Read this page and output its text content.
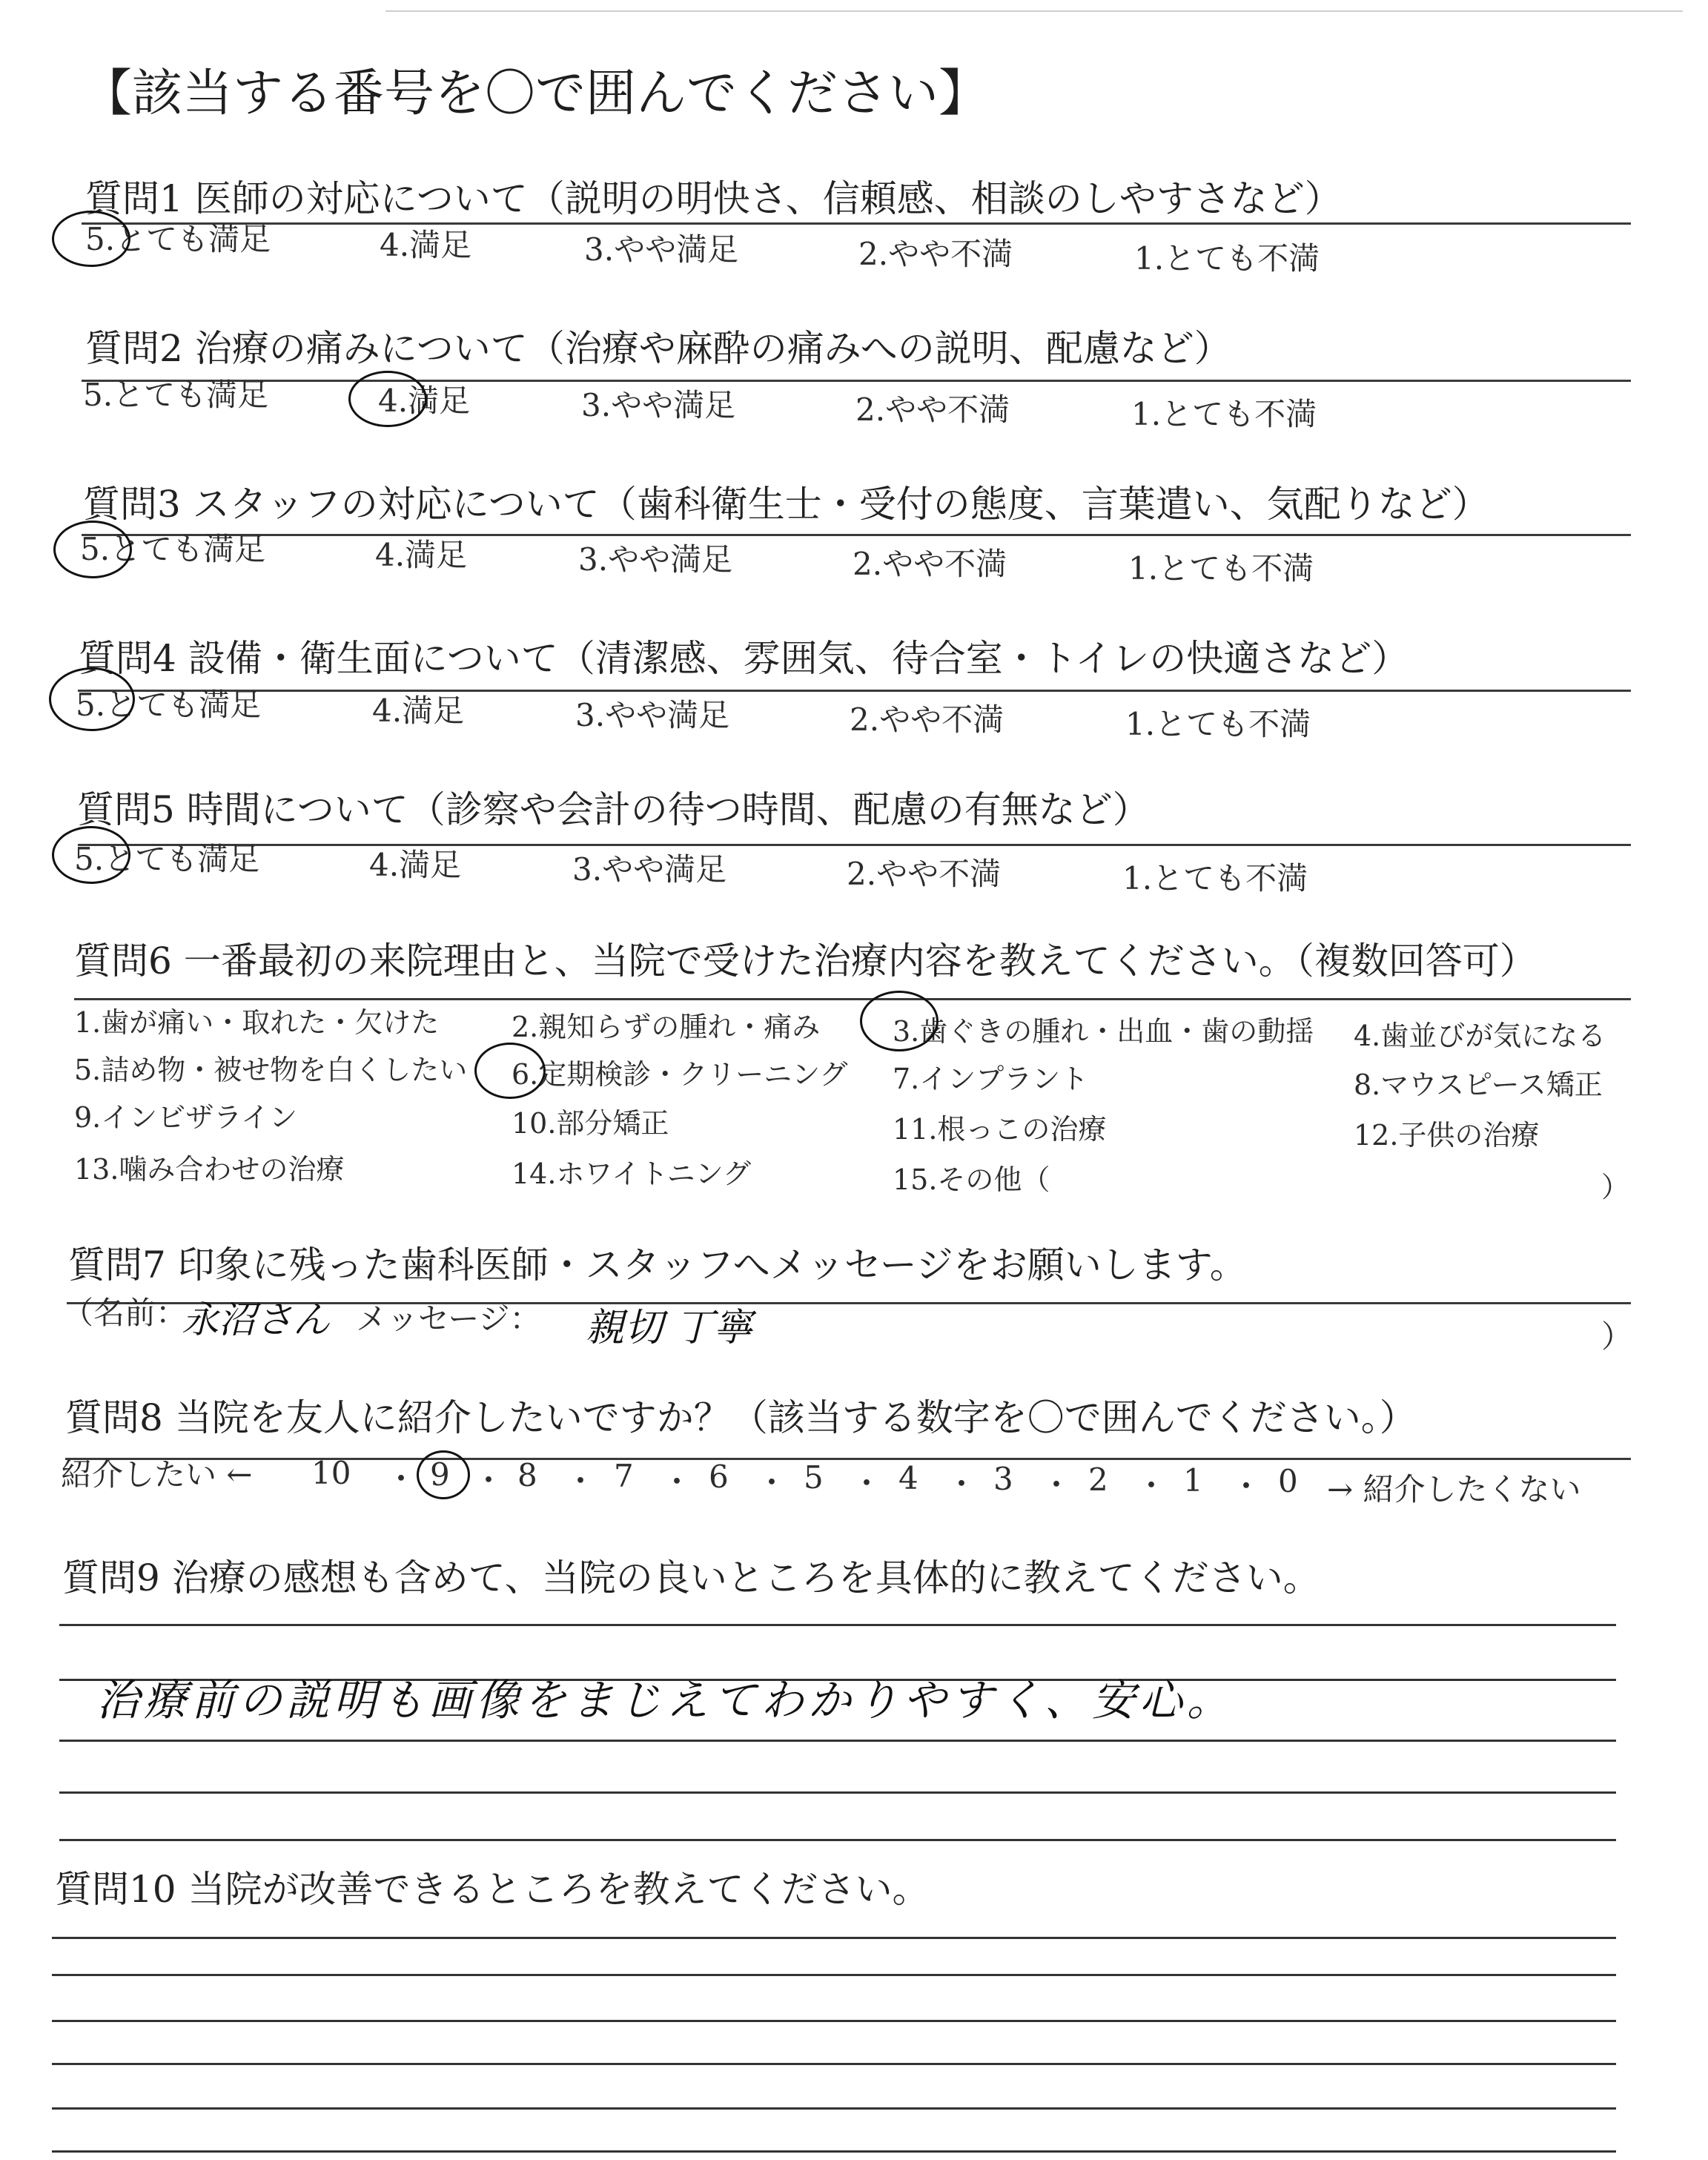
【該当する番号を〇で囲んでください】
質問1 医師の対応について（説明の明快さ、信頼感、相談のしやすさなど）
5.とても満足	4.満足	3.やや満足	2.やや不満	1.とても不満
質問2 治療の痛みについて（治療や麻酔の痛みへの説明、配慮など）
5.とても満足	4.満足	3.やや満足	2.やや不満	1.とても不満
質問3 スタッフの対応について（歯科衛生士・受付の態度、言葉遣い、気配りなど）
5.とても満足	4.満足	3.やや満足	2.やや不満	1.とても不満
質問4 設備・衛生面について（清潔感、雰囲気、待合室・トイレの快適さなど）
5.とても満足	4.満足	3.やや満足	2.やや不満	1.とても不満
質問5 時間について（診察や会計の待つ時間、配慮の有無など）
5.とても満足	4.満足	3.やや満足	2.やや不満	1.とても不満
質問6 一番最初の来院理由と、当院で受けた治療内容を教えてください。（複数回答可）
1.歯が痛い・取れた・欠けた	2.親知らずの腫れ・痛み	3.歯ぐきの腫れ・出血・歯の動揺 4.歯並びが気になる
5.詰め物・被せ物を白くしたい 6.定期検診・クリーニング 7.インプラント	8.マウスピース矯正
9.インビザライン	10.部分矯正	11.根っこの治療	12.子供の治療
13.噛み合わせの治療	14.ホワイトニング	15.その他（	）
質問7 印象に残った歯科医師・スタッフへメッセージをお願いします。
（名前：
永沼さん メッセージ： 親切 丁寧	）
質問8 当院を友人に紹介したいですか？（該当する数字を〇で囲んでください。）
紹介したい ← 10 ・ 9 ・ 8 ・ 7 ・ 6 ・ 5 ・ 4 ・ 3 ・ 2 ・ 1 ・ 0 → 紹介したくない
質問9 治療の感想も含めて、当院の良いところを具体的に教えてください。
治療前の説明も画像をまじえてわかりやすく、安心。
質問10 当院が改善できるところを教えてください。
